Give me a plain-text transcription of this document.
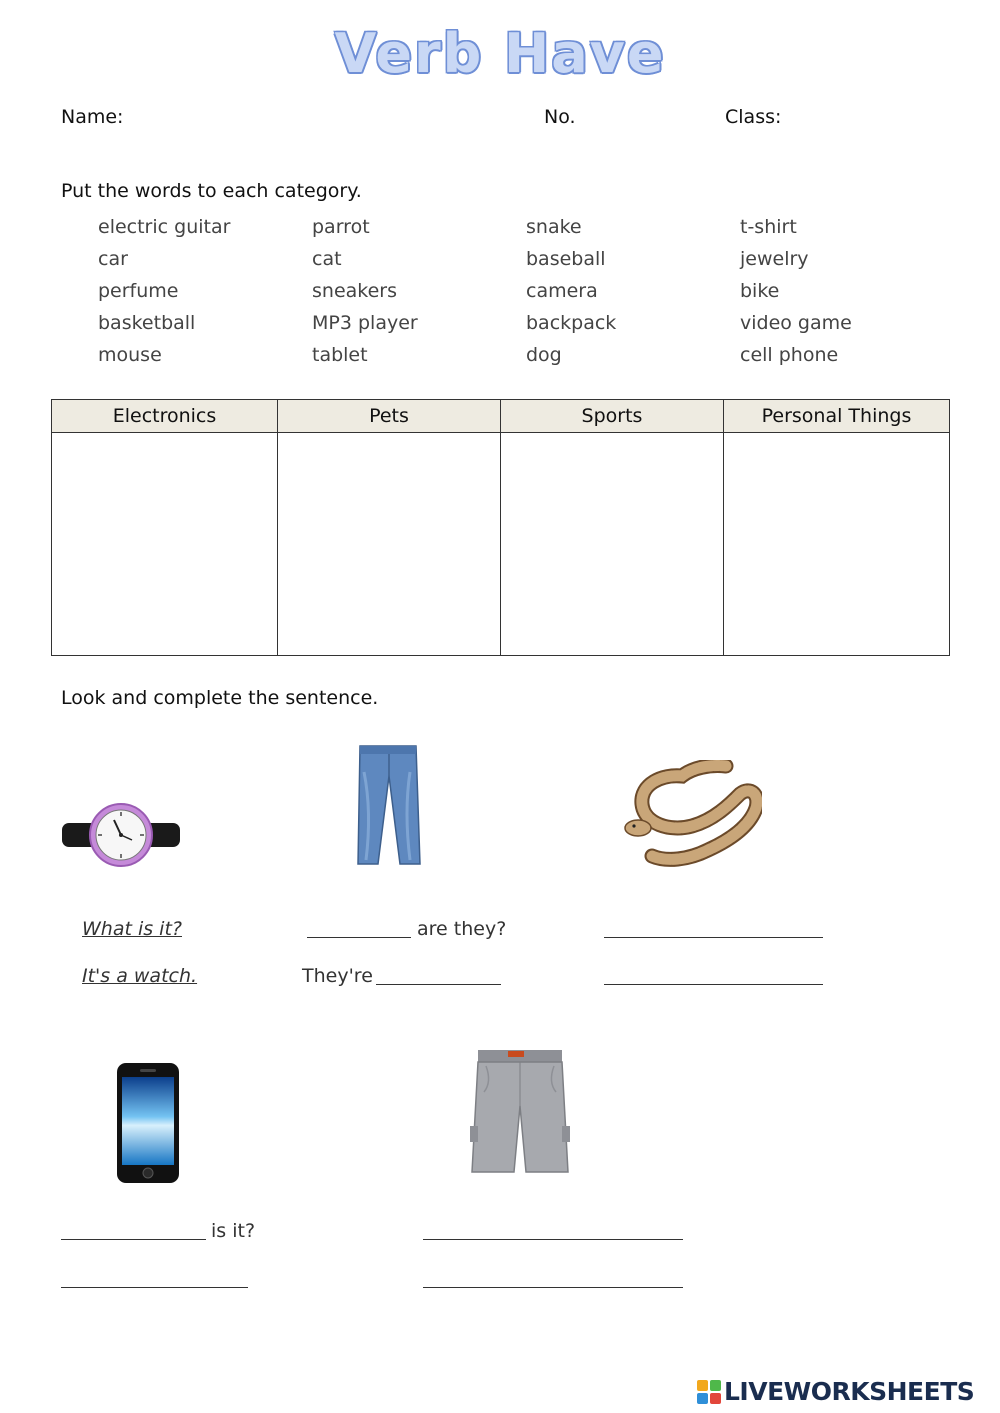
Verb Have
Name:	No.	Class:
Put the words to each category.
electric guitar
car
perfume
basketball
mouse
parrot
cat
sneakers
MP3 player
tablet
snake
baseball
camera
backpack
dog
t-shirt
jewelry
bike
video game
cell phone
Electronics	Pets	Sports	Personal Things

Look and complete the sentence.
What is it?
It's a watch.
are they?
They're
is it?
LIVEWORKSHEETS
